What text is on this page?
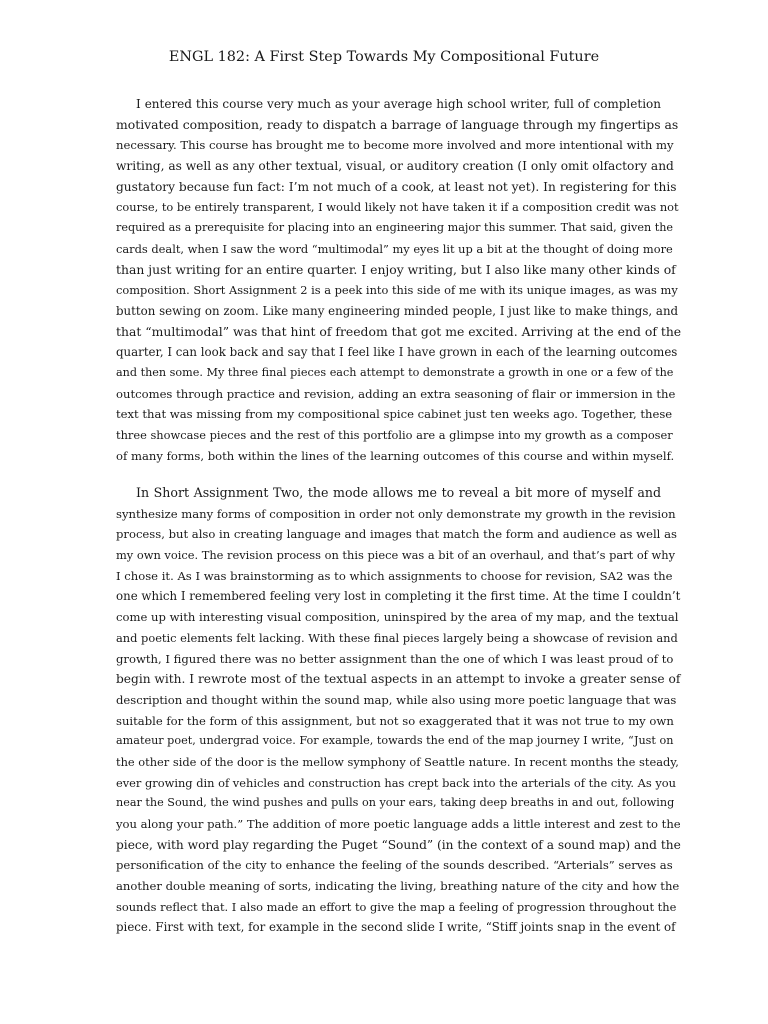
ENGL 182: A First Step Towards My Compositional Future
I entered this course very much as your average high school writer, full of completion
motivated composition, ready to dispatch a barrage of language through my fingertips as
necessary. This course has brought me to become more involved and more intentional with my
writing, as well as any other textual, visual, or auditory creation (I only omit olfactory and
gustatory because fun fact: I’m not much of a cook, at least not yet). In registering for this
course, to be entirely transparent, I would likely not have taken it if a composition credit was not
required as a prerequisite for placing into an engineering major this summer. That said, given the
cards dealt, when I saw the word “multimodal” my eyes lit up a bit at the thought of doing more
than just writing for an entire quarter. I enjoy writing, but I also like many other kinds of
composition. Short Assignment 2 is a peek into this side of me with its unique images, as was my
button sewing on zoom. Like many engineering minded people, I just like to make things, and
that “multimodal” was that hint of freedom that got me excited. Arriving at the end of the
quarter, I can look back and say that I feel like I have grown in each of the learning outcomes
and then some. My three final pieces each attempt to demonstrate a growth in one or a few of the
outcomes through practice and revision, adding an extra seasoning of flair or immersion in the
text that was missing from my compositional spice cabinet just ten weeks ago. Together, these
three showcase pieces and the rest of this portfolio are a glimpse into my growth as a composer
of many forms, both within the lines of the learning outcomes of this course and within myself.
In Short Assignment Two, the mode allows me to reveal a bit more of myself and
synthesize many forms of composition in order not only demonstrate my growth in the revision
process, but also in creating language and images that match the form and audience as well as
my own voice. The revision process on this piece was a bit of an overhaul, and that’s part of why
I chose it. As I was brainstorming as to which assignments to choose for revision, SA2 was the
one which I remembered feeling very lost in completing it the first time. At the time I couldn’t
come up with interesting visual composition, uninspired by the area of my map, and the textual
and poetic elements felt lacking. With these final pieces largely being a showcase of revision and
growth, I figured there was no better assignment than the one of which I was least proud of to
begin with. I rewrote most of the textual aspects in an attempt to invoke a greater sense of
description and thought within the sound map, while also using more poetic language that was
suitable for the form of this assignment, but not so exaggerated that it was not true to my own
amateur poet, undergrad voice. For example, towards the end of the map journey I write, “Just on
the other side of the door is the mellow symphony of Seattle nature. In recent months the steady,
ever growing din of vehicles and construction has crept back into the arterials of the city. As you
near the Sound, the wind pushes and pulls on your ears, taking deep breaths in and out, following
you along your path.” The addition of more poetic language adds a little interest and zest to the
piece, with word play regarding the Puget “Sound” (in the context of a sound map) and the
personification of the city to enhance the feeling of the sounds described. “Arterials” serves as
another double meaning of sorts, indicating the living, breathing nature of the city and how the
sounds reflect that. I also made an effort to give the map a feeling of progression throughout the
piece. First with text, for example in the second slide I write, “Stiff joints snap in the event of
